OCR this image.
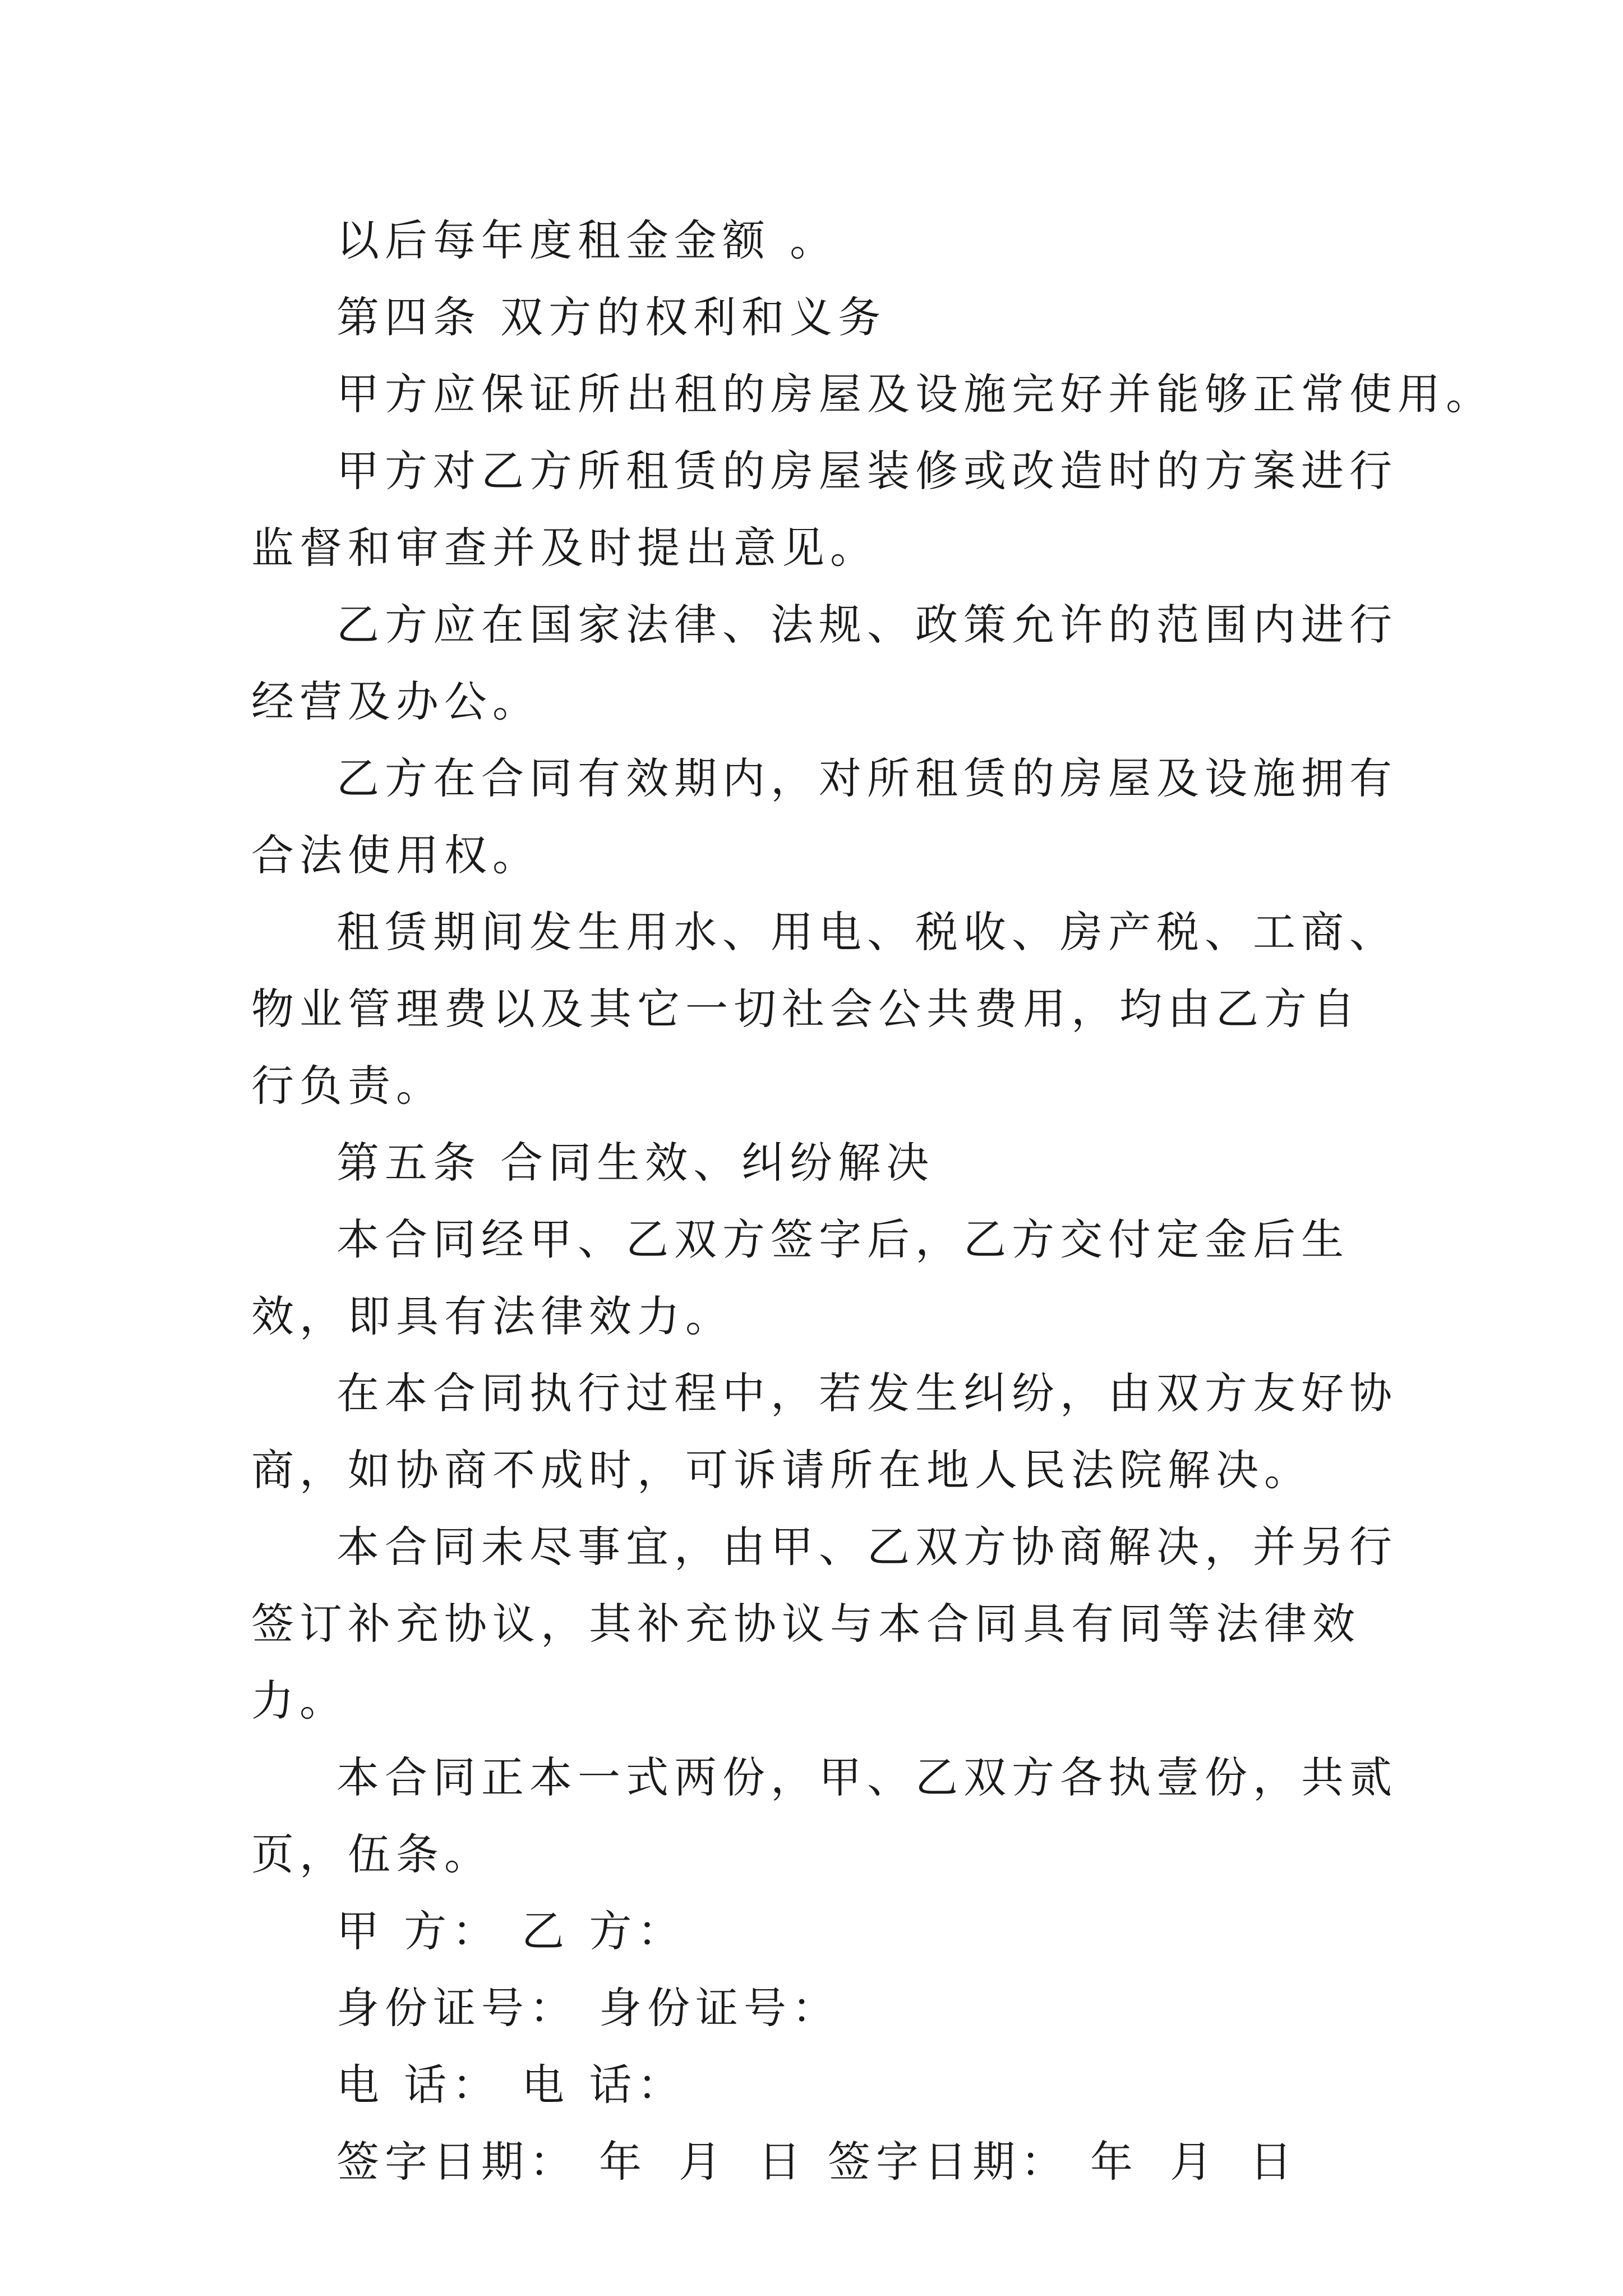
以后每年度租金金额 。

第四条 双方的权利和义务

甲方应保证所出租的房屋及设施完好并能够正常使用。

甲方对乙方所租赁的房屋装修或改造时的方案进行监督和审查并及时提出意见。

乙方应在国家法律、法规、政策允许的范围内进行经营及办公。

乙方在合同有效期内，对所租赁的房屋及设施拥有合法使用权。

租赁期间发生用水、用电、税收、房产税、工商、物业管理费以及其它一切社会公共费用，均由乙方自行负责。

第五条 合同生效、纠纷解决

本合同经甲、乙双方签字后，乙方交付定金后生效，即具有法律效力。

在本合同执行过程中，若发生纠纷，由双方友好协商，如协商不成时，可诉请所在地人民法院解决。

本合同未尽事宜，由甲、乙双方协商解决，并另行签订补充协议，其补充协议与本合同具有同等法律效力。

本合同正本一式两份，甲、乙双方各执壹份，共贰页，伍条。

甲 方： 乙 方：

身份证号： 身份证号：

电 话： 电 话：

签字日期： 年 月 日 签字日期： 年 月 日
